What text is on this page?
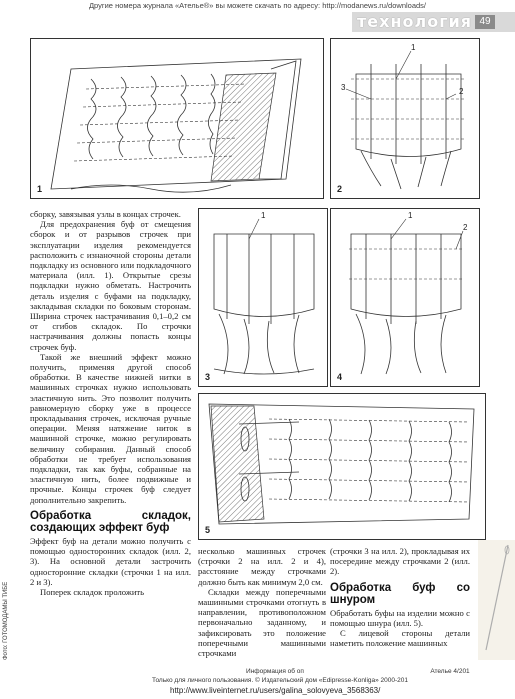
Другие номера журнала «Ателье®» вы можете скачать по адресу: http://modanews.ru/downloads/
технология 49
Фото: ГОТОМОДАМЫ ТИБЕ
1
3
1
2
2
1
3
1
2
4
5

сборку, завязывая узлы в концах строчек.

Для предохранения буф от смещения сборок и от разрывов строчек при эксплуатации изделия рекомендуется расположить с изнаночной стороны детали подкладку из основного или подкладочного материала (илл. 1). Открытые срезы подкладки нужно обметать. Настрочить деталь изделия с буфами на подкладку, закладывая складки по боковым сторонам. Ширина строчек настрачивания 0,1–0,2 см от сгибов складок. По строчки настрачивания должны попасть концы строчек буф.

Такой же внешний эффект можно получить, применяя другой способ обработки. В качестве нижней нитки в машинных строчках нужно использовать эластичную нить. Это позволит получить равномерную сборку уже в процессе прокладывания строчек, исключая ручные операции. Меняя натяжение ниток в машинной строчке, можно регулировать величину собирания. Данный способ обработки не требует использования подкладки, так как буфы, собранные на эластичную нить, более подвижные и прочные. Концы строчек буф следует дополнительно закрепить.

Обработка складок, создающих эффект буф

Эффект буф на детали можно получить с помощью односторонних складок (илл. 2, 3). На основной детали застрочить односторонние складки (строчки 1 на илл. 2 и 3).

Поперек складок проложить

несколько машинных строчек (строчки 2 на илл. 2 и 4), расстояние между строчками должно быть как минимум 2,0 см.

Складки между поперечными машинными строчками отогнуть в направлении, противоположном первоначально заданному, и зафиксировать это положение поперечными машинными строчками

(строчки 3 на илл. 2), прокладывая их посередине между строчками 2 (илл. 2).

Обработка буф со шнуром

Обработать буфы на изделии можно с помощью шнура (илл. 5).

С лицевой стороны детали наметить положение машинных

Информация об оп
Только для личного пользования. © Издательский дом «Edipresse-Konliga» 2000-201
Ателье 4/201
http://www.liveinternet.ru/users/galina_solovyeva_3568363/
